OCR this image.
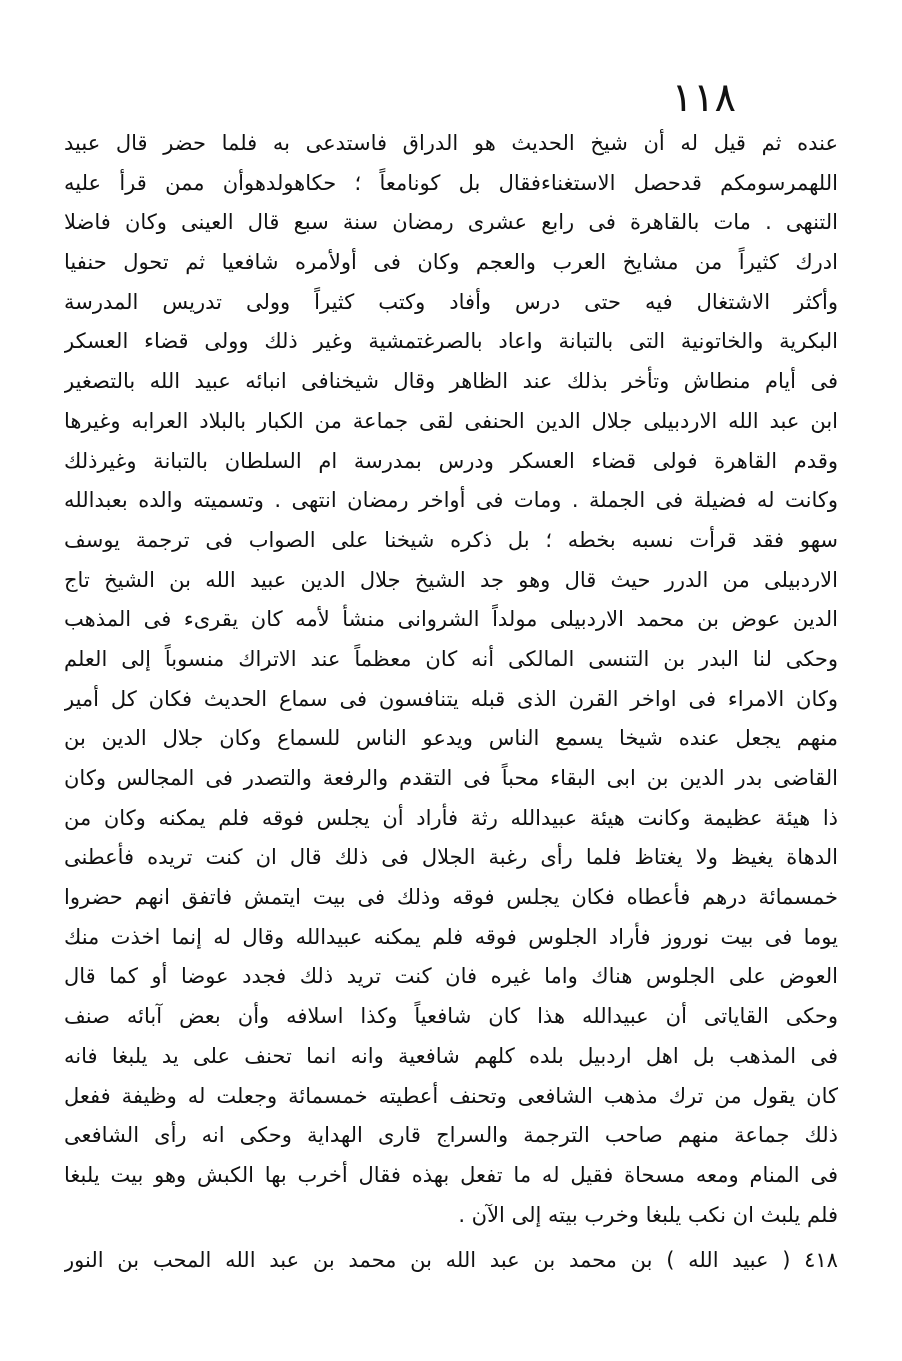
١١٨
عنده ثم قيل له أن شيخ الحديث هو الدراق فاستدعى به فلما حضر قال عبيد
اللهمرسومكم قدحصل الاستغناءفقال بل كونامعاً ؛ حكاهولدهوأن ممن قرأ عليه
التنهى . مات بالقاهرة فى رابع عشرى رمضان سنة سبع قال العينى وكان فاضلا
ادرك كثيراً من مشايخ العرب والعجم وكان فى أولأمره شافعيا ثم تحول حنفيا
وأكثر الاشتغال فيه حتى درس وأفاد وكتب كثيراً وولى تدريس المدرسة
البكرية والخاتونية التى بالتبانة واعاد بالصرغتمشية وغير ذلك وولى قضاء العسكر
فى أيام منطاش وتأخر بذلك عند الظاهر وقال شيخنافى انبائه عبيد الله بالتصغير
ابن عبد الله الاردبيلى جلال الدين الحنفى لقى جماعة من الكبار بالبلاد العرابه وغيرها
وقدم القاهرة فولى قضاء العسكر ودرس بمدرسة ام السلطان بالتبانة وغيرذلك
وكانت له فضيلة فى الجملة . ومات فى أواخر رمضان انتهى . وتسميته والده بعبدالله
سهو فقد قرأت نسبه بخطه ؛ بل ذكره شيخنا على الصواب فى ترجمة يوسف
الاردبيلى من الدرر حيث قال وهو جد الشيخ جلال الدين عبيد الله بن الشيخ تاج
الدين عوض بن محمد الاردبيلى مولداً الشروانى منشأ لأمه كان يقرىء فى المذهب
وحكى لنا البدر بن التنسى المالكى أنه كان معظماً عند الاتراك منسوباً إلى العلم
وكان الامراء فى اواخر القرن الذى قبله يتنافسون فى سماع الحديث فكان كل أمير
منهم يجعل عنده شيخا يسمع الناس ويدعو الناس للسماع وكان جلال الدين بن
القاضى بدر الدين بن ابى البقاء محباً فى التقدم والرفعة والتصدر فى المجالس وكان
ذا هيئة عظيمة وكانت هيئة عبيدالله رثة فأراد أن يجلس فوقه فلم يمكنه وكان من
الدهاة يغيظ ولا يغتاظ فلما رأى رغبة الجلال فى ذلك قال ان كنت تريده فأعطنى
خمسمائة درهم فأعطاه فكان يجلس فوقه وذلك فى بيت ايتمش فاتفق انهم حضروا
يوما فى بيت نوروز فأراد الجلوس فوقه فلم يمكنه عبيدالله وقال له إنما اخذت منك
العوض على الجلوس هناك واما غيره فان كنت تريد ذلك فجدد عوضا أو كما قال
وحكى القاياتى أن عبيدالله هذا كان شافعياً وكذا اسلافه وأن بعض آبائه صنف
فى المذهب بل اهل اردبيل بلده كلهم شافعية وانه انما تحنف على يد يلبغا فانه
كان يقول من ترك مذهب الشافعى وتحنف أعطيته خمسمائة وجعلت له وظيفة ففعل
ذلك جماعة منهم صاحب الترجمة والسراج قارى الهداية وحكى انه رأى الشافعى
فى المنام ومعه مسحاة فقيل له ما تفعل بهذه فقال أخرب بها الكبش وهو بيت يلبغا
فلم يلبث ان نكب يلبغا وخرب بيته إلى الآن .
٤١٨ ( عبيد الله ) بن محمد بن عبد الله بن محمد بن عبد الله المحب بن النور
